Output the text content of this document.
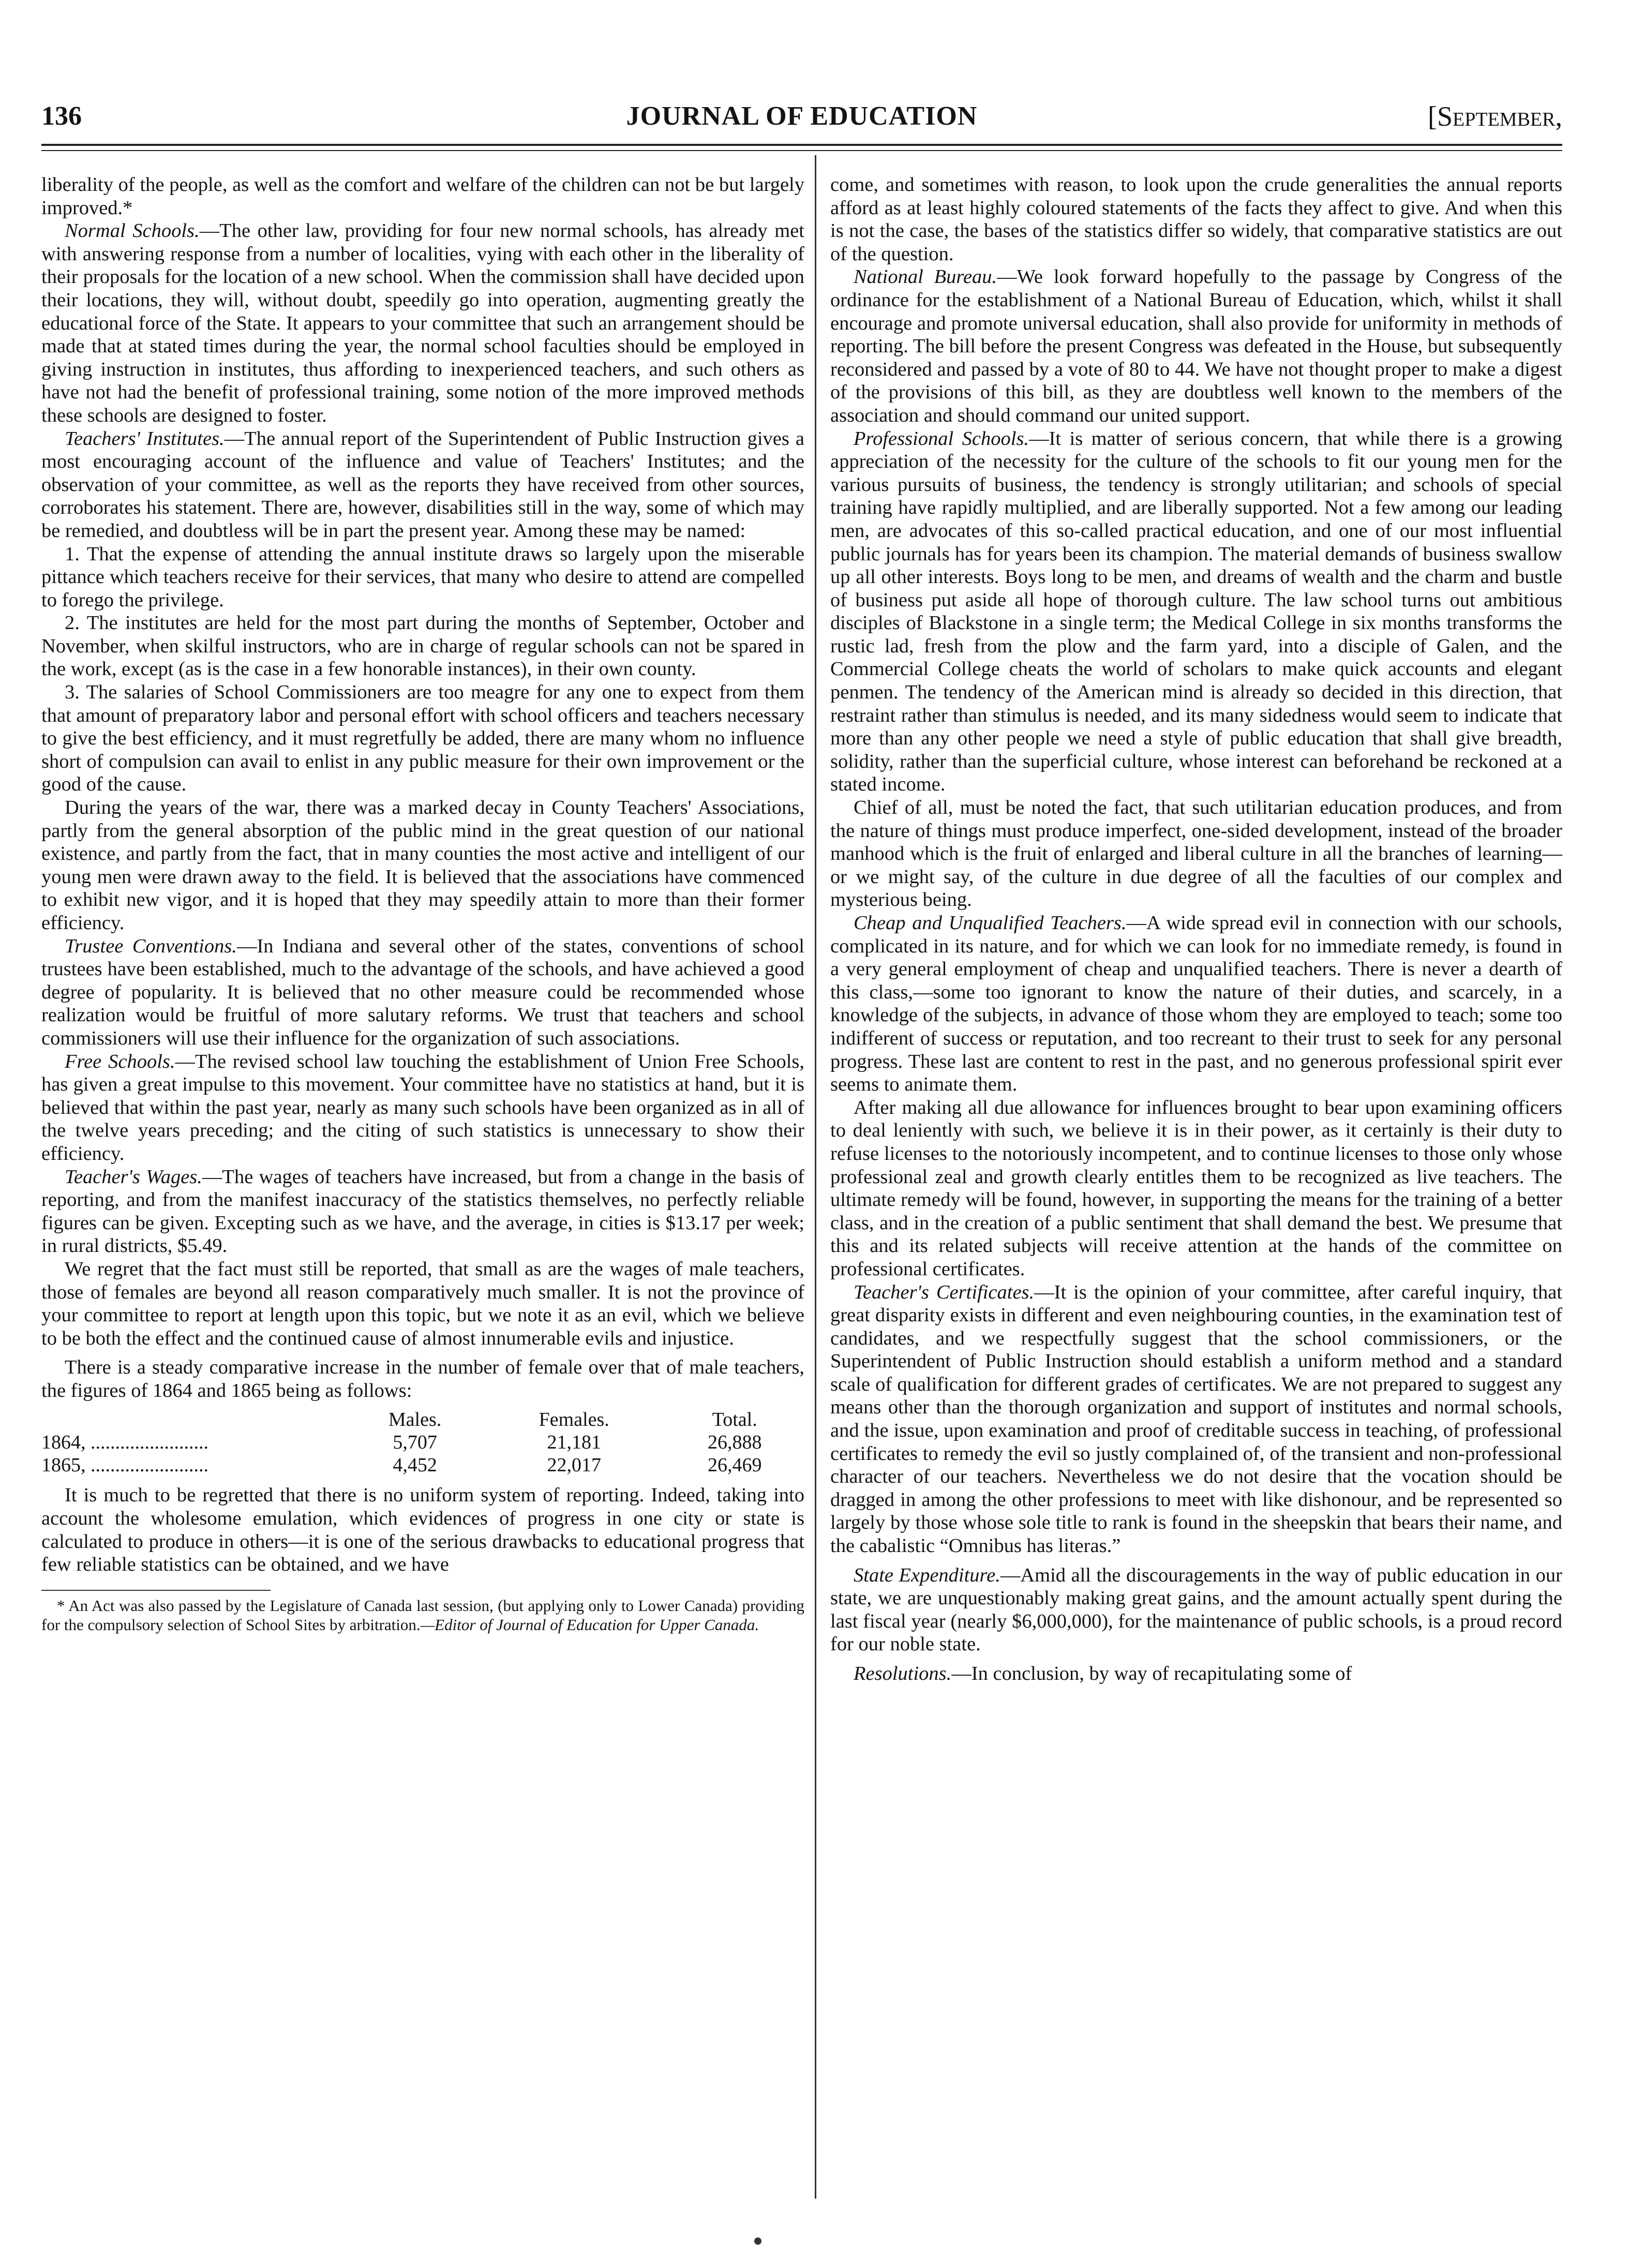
136	JOURNAL OF EDUCATION	[September,

liberality of the people, as well as the comfort and welfare of the children can not be but largely improved.*

Normal Schools.—The other law, providing for four new normal schools, has already met with answering response from a number of localities, vying with each other in the liberality of their proposals for the location of a new school. When the commission shall have decided upon their locations, they will, without doubt, speedily go into operation, augmenting greatly the educational force of the State. It appears to your committee that such an arrangement should be made that at stated times during the year, the normal school faculties should be employed in giving instruction in institutes, thus affording to inexperienced teachers, and such others as have not had the benefit of professional training, some notion of the more improved methods these schools are designed to foster.

Teachers' Institutes.—The annual report of the Superintendent of Public Instruction gives a most encouraging account of the influence and value of Teachers' Institutes; and the observation of your committee, as well as the reports they have received from other sources, corroborates his statement. There are, however, disabilities still in the way, some of which may be remedied, and doubtless will be in part the present year. Among these may be named:

1. That the expense of attending the annual institute draws so largely upon the miserable pittance which teachers receive for their services, that many who desire to attend are compelled to forego the privilege.

2. The institutes are held for the most part during the months of September, October and November, when skilful instructors, who are in charge of regular schools can not be spared in the work, except (as is the case in a few honorable instances), in their own county.

3. The salaries of School Commissioners are too meagre for any one to expect from them that amount of preparatory labor and personal effort with school officers and teachers necessary to give the best efficiency, and it must regretfully be added, there are many whom no influence short of compulsion can avail to enlist in any public measure for their own improvement or the good of the cause.

During the years of the war, there was a marked decay in County Teachers' Associations, partly from the general absorption of the public mind in the great question of our national existence, and partly from the fact, that in many counties the most active and intelligent of our young men were drawn away to the field. It is believed that the associations have commenced to exhibit new vigor, and it is hoped that they may speedily attain to more than their former efficiency.

Trustee Conventions.—In Indiana and several other of the states, conventions of school trustees have been established, much to the advantage of the schools, and have achieved a good degree of popularity. It is believed that no other measure could be recommended whose realization would be fruitful of more salutary reforms. We trust that teachers and school commissioners will use their influence for the organization of such associations.

Free Schools.—The revised school law touching the establishment of Union Free Schools, has given a great impulse to this movement. Your committee have no statistics at hand, but it is believed that within the past year, nearly as many such schools have been organized as in all of the twelve years preceding; and the citing of such statistics is unnecessary to show their efficiency.

Teacher's Wages.—The wages of teachers have increased, but from a change in the basis of reporting, and from the manifest inaccuracy of the statistics themselves, no perfectly reliable figures can be given. Excepting such as we have, and the average, in cities is $13.17 per week; in rural districts, $5.49.

We regret that the fact must still be reported, that small as are the wages of male teachers, those of females are beyond all reason comparatively much smaller. It is not the province of your committee to report at length upon this topic, but we note it as an evil, which we believe to be both the effect and the continued cause of almost innumerable evils and injustice.

There is a steady comparative increase in the number of female over that of male teachers, the figures of 1864 and 1865 being as follows:

	Males.	Females.	Total.
1864, ........................	5,707	21,181	26,888
1865, ........................	4,452	22,017	26,469

It is much to be regretted that there is no uniform system of reporting. Indeed, taking into account the wholesome emulation, which evidences of progress in one city or state is calculated to produce in others—it is one of the serious drawbacks to educational progress that few reliable statistics can be obtained, and we have

* An Act was also passed by the Legislature of Canada last session, (but applying only to Lower Canada) providing for the compulsory selection of School Sites by arbitration.—Editor of Journal of Education for Upper Canada.

come, and sometimes with reason, to look upon the crude generalities the annual reports afford as at least highly coloured statements of the facts they affect to give. And when this is not the case, the bases of the statistics differ so widely, that comparative statistics are out of the question.

National Bureau.—We look forward hopefully to the passage by Congress of the ordinance for the establishment of a National Bureau of Education, which, whilst it shall encourage and promote universal education, shall also provide for uniformity in methods of reporting. The bill before the present Congress was defeated in the House, but subsequently reconsidered and passed by a vote of 80 to 44. We have not thought proper to make a digest of the provisions of this bill, as they are doubtless well known to the members of the association and should command our united support.

Professional Schools.—It is matter of serious concern, that while there is a growing appreciation of the necessity for the culture of the schools to fit our young men for the various pursuits of business, the tendency is strongly utilitarian; and schools of special training have rapidly multiplied, and are liberally supported. Not a few among our leading men, are advocates of this so-called practical education, and one of our most influential public journals has for years been its champion. The material demands of business swallow up all other interests. Boys long to be men, and dreams of wealth and the charm and bustle of business put aside all hope of thorough culture. The law school turns out ambitious disciples of Blackstone in a single term; the Medical College in six months transforms the rustic lad, fresh from the plow and the farm yard, into a disciple of Galen, and the Commercial College cheats the world of scholars to make quick accounts and elegant penmen. The tendency of the American mind is already so decided in this direction, that restraint rather than stimulus is needed, and its many sidedness would seem to indicate that more than any other people we need a style of public education that shall give breadth, solidity, rather than the superficial culture, whose interest can beforehand be reckoned at a stated income.

Chief of all, must be noted the fact, that such utilitarian education produces, and from the nature of things must produce imperfect, one-sided development, instead of the broader manhood which is the fruit of enlarged and liberal culture in all the branches of learning—or we might say, of the culture in due degree of all the faculties of our complex and mysterious being.

Cheap and Unqualified Teachers.—A wide spread evil in connection with our schools, complicated in its nature, and for which we can look for no immediate remedy, is found in a very general employment of cheap and unqualified teachers. There is never a dearth of this class,—some too ignorant to know the nature of their duties, and scarcely, in a knowledge of the subjects, in advance of those whom they are employed to teach; some too indifferent of success or reputation, and too recreant to their trust to seek for any personal progress. These last are content to rest in the past, and no generous professional spirit ever seems to animate them.

After making all due allowance for influences brought to bear upon examining officers to deal leniently with such, we believe it is in their power, as it certainly is their duty to refuse licenses to the notoriously incompetent, and to continue licenses to those only whose professional zeal and growth clearly entitles them to be recognized as live teachers. The ultimate remedy will be found, however, in supporting the means for the training of a better class, and in the creation of a public sentiment that shall demand the best. We presume that this and its related subjects will receive attention at the hands of the committee on professional certificates.

Teacher's Certificates.—It is the opinion of your committee, after careful inquiry, that great disparity exists in different and even neighbouring counties, in the examination test of candidates, and we respectfully suggest that the school commissioners, or the Superintendent of Public Instruction should establish a uniform method and a standard scale of qualification for different grades of certificates. We are not prepared to suggest any means other than the thorough organization and support of institutes and normal schools, and the issue, upon examination and proof of creditable success in teaching, of professional certificates to remedy the evil so justly complained of, of the transient and non-professional character of our teachers. Nevertheless we do not desire that the vocation should be dragged in among the other professions to meet with like dishonour, and be represented so largely by those whose sole title to rank is found in the sheepskin that bears their name, and the cabalistic “Omnibus has literas.”

State Expenditure.—Amid all the discouragements in the way of public education in our state, we are unquestionably making great gains, and the amount actually spent during the last fiscal year (nearly $6,000,000), for the maintenance of public schools, is a proud record for our noble state.

Resolutions.—In conclusion, by way of recapitulating some of
